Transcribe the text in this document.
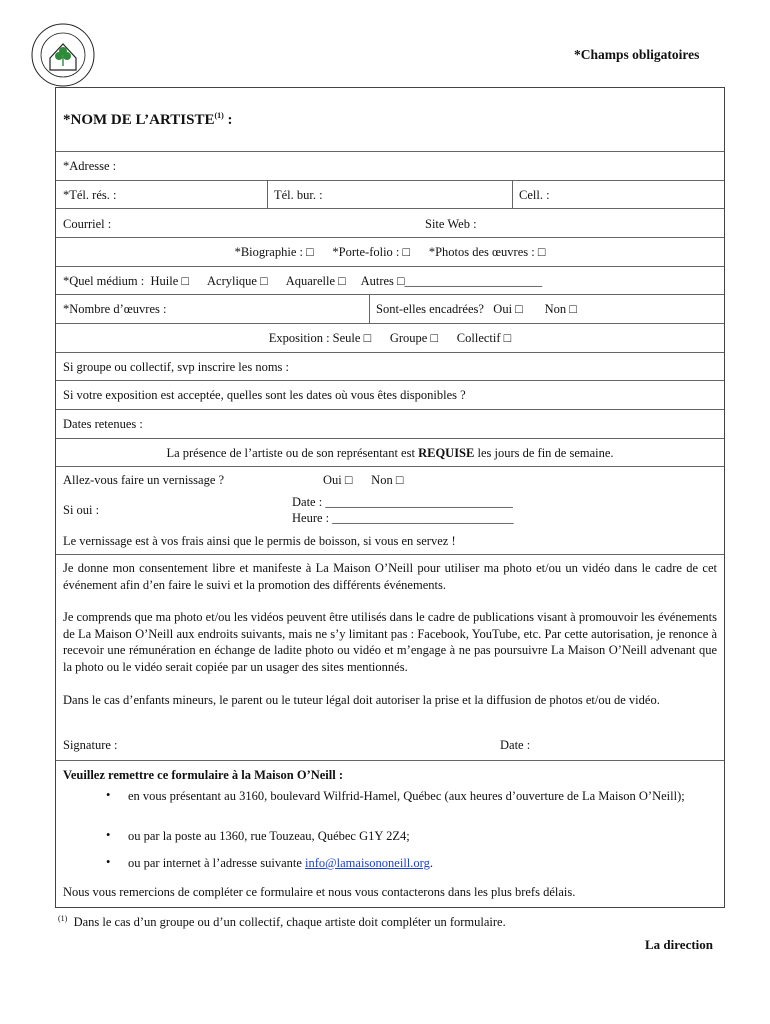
*Champs obligatoires
*NOM DE L’ARTISTE$^{(1)}$ :
*Adresse :
*Tél. rés. :	Tél. bur. :	Cell. :
Courriel :	Site Web :
*Biographie : □      *Porte-folio : □      *Photos des œuvres : □
*Quel médium :  Huile □      Acrylique □      Aquarelle □     Autres □______________________
*Nombre d’œuvres :	Sont-elles encadrées?   Oui □       Non □
Exposition : Seule □      Groupe □      Collectif □
Si groupe ou collectif, svp inscrire les noms :
Si votre exposition est acceptée, quelles sont les dates où vous êtes disponibles ?
Dates retenues :
La présence de l’artiste ou de son représentant est REQUISE les jours de fin de semaine.
Allez-vous faire un vernissage ?	Oui □      Non □
Si oui :
Date : ______________________________
Heure : _____________________________
Le vernissage est à vos frais ainsi que le permis de boisson, si vous en servez !
Je donne mon consentement libre et manifeste à La Maison O’Neill pour utiliser ma photo et/ou un vidéo dans le cadre de cet événement afin d’en faire le suivi et la promotion des différents événements.
Je comprends que ma photo et/ou les vidéos peuvent être utilisés dans le cadre de publications visant à promouvoir les événements de La Maison O’Neill aux endroits suivants, mais ne s’y limitant pas : Facebook, YouTube, etc. Par cette autorisation, je renonce à recevoir une rémunération en échange de ladite photo ou vidéo et m’engage à ne pas poursuivre La Maison O’Neill advenant que la photo ou le vidéo serait copiée par un usager des sites mentionnés.
Dans le cas d’enfants mineurs, le parent ou le tuteur légal doit autoriser la prise et la diffusion de photos et/ou de vidéo.
Signature :	Date :
Veuillez remettre ce formulaire à la Maison O’Neill :
• en vous présentant au 3160, boulevard Wilfrid-Hamel, Québec (aux heures d’ouverture de La Maison O’Neill);
• ou par la poste au 1360, rue Touzeau, Québec G1Y 2Z4;
• ou par internet à l’adresse suivante info@lamaisononeill.org.
Nous vous remercions de compléter ce formulaire et nous vous contacterons dans les plus brefs délais.
$^{(1)}$  Dans le cas d’un groupe ou d’un collectif, chaque artiste doit compléter un formulaire.
La direction
